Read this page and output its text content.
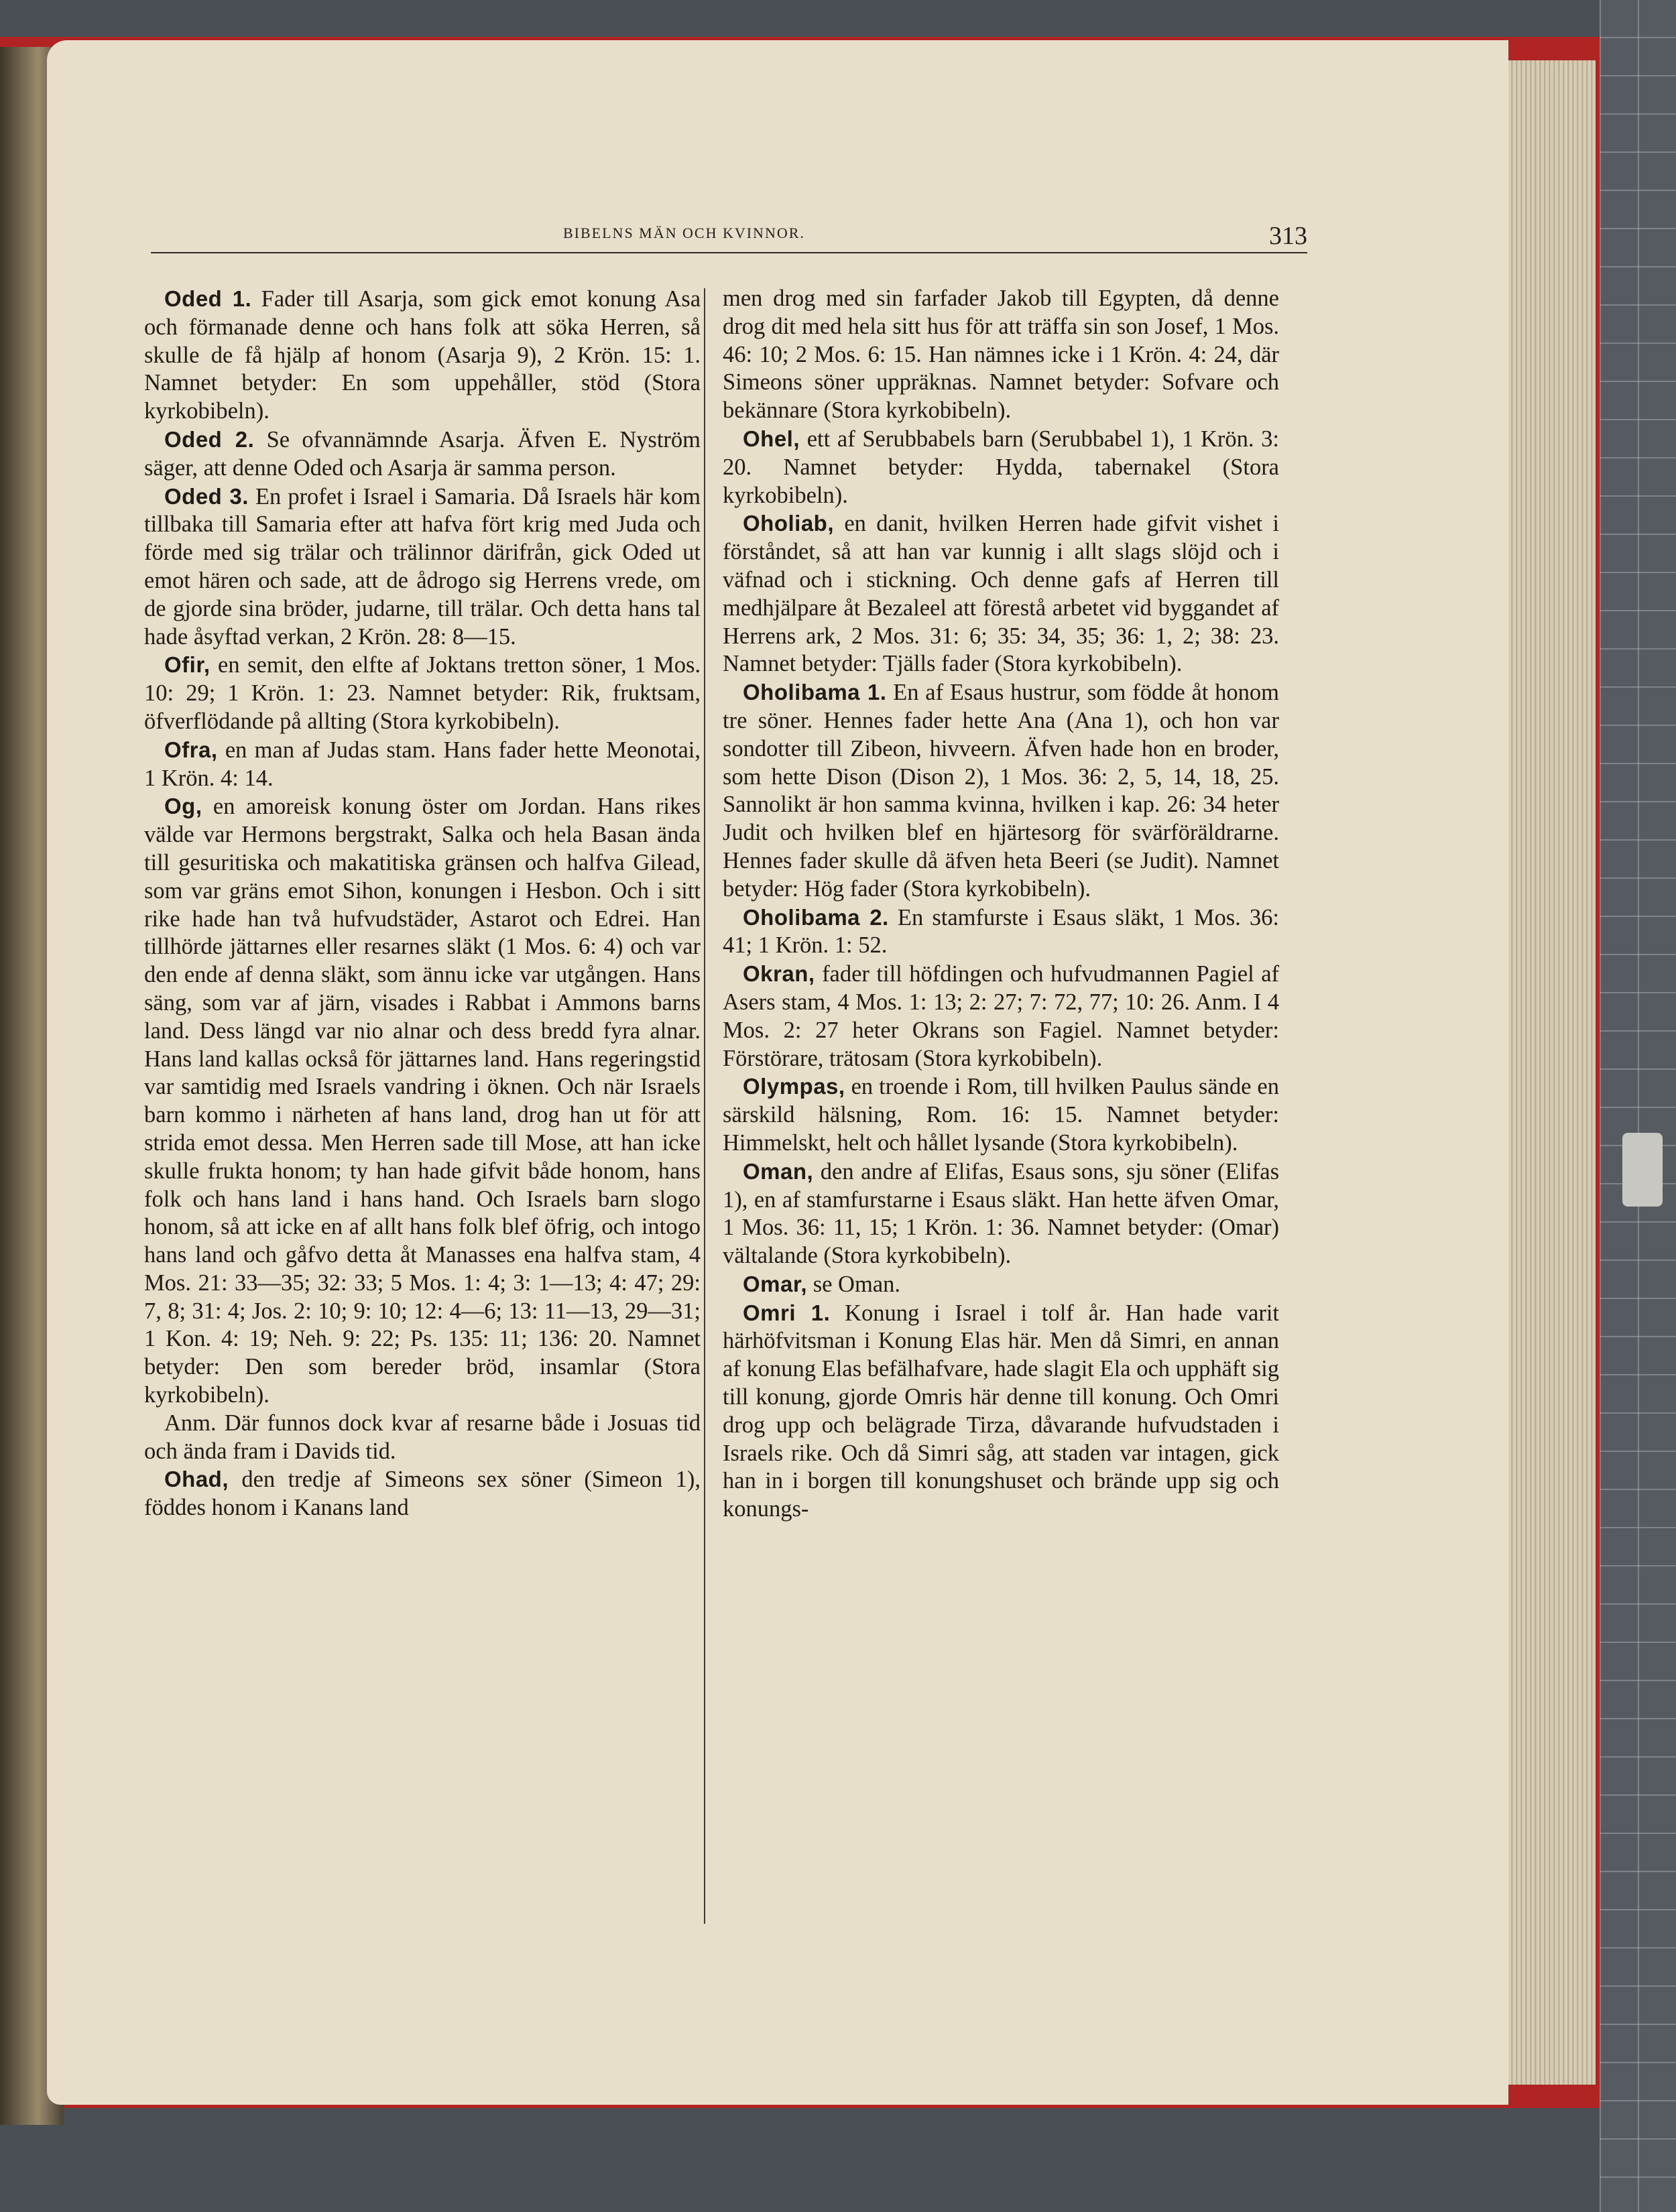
BIBELNS MÄN OCH KVINNOR.	313

Oded 1. Fader till Asarja, som gick emot konung Asa och förmanade denne och hans folk att söka Herren, så skulle de få hjälp af honom (Asarja 9), 2 Krön. 15: 1. Namnet betyder: En som uppehåller, stöd (Stora kyrkobibeln).

Oded 2. Se ofvannämnde Asarja. Äfven E. Nyström säger, att denne Oded och Asarja är samma person.

Oded 3. En profet i Israel i Samaria. Då Israels här kom tillbaka till Samaria efter att hafva fört krig med Juda och förde med sig trälar och trälinnor därifrån, gick Oded ut emot hären och sade, att de ådrogo sig Herrens vrede, om de gjorde sina bröder, judarne, till trälar. Och detta hans tal hade åsyftad verkan, 2 Krön. 28: 8—15.

Ofir, en semit, den elfte af Joktans tretton söner, 1 Mos. 10: 29; 1 Krön. 1: 23. Namnet betyder: Rik, fruktsam, öfverflödande på allting (Stora kyrkobibeln).

Ofra, en man af Judas stam. Hans fader hette Meonotai, 1 Krön. 4: 14.

Og, en amoreisk konung öster om Jordan. Hans rikes välde var Hermons bergstrakt, Salka och hela Basan ända till gesuritiska och makatitiska gränsen och halfva Gilead, som var gräns emot Sihon, konungen i Hesbon. Och i sitt rike hade han två hufvudstäder, Astarot och Edrei. Han tillhörde jättarnes eller resarnes släkt (1 Mos. 6: 4) och var den ende af denna släkt, som ännu icke var utgången. Hans säng, som var af järn, visades i Rabbat i Ammons barns land. Dess längd var nio alnar och dess bredd fyra alnar. Hans land kallas också för jättarnes land. Hans regeringstid var samtidig med Israels vandring i öknen. Och när Israels barn kommo i närheten af hans land, drog han ut för att strida emot dessa. Men Herren sade till Mose, att han icke skulle frukta honom; ty han hade gifvit både honom, hans folk och hans land i hans hand. Och Israels barn slogo honom, så att icke en af allt hans folk blef öfrig, och intogo hans land och gåfvo detta åt Manasses ena halfva stam, 4 Mos. 21: 33—35; 32: 33; 5 Mos. 1: 4; 3: 1—13; 4: 47; 29: 7, 8; 31: 4; Jos. 2: 10; 9: 10; 12: 4—6; 13: 11—13, 29—31; 1 Kon. 4: 19; Neh. 9: 22; Ps. 135: 11; 136: 20. Namnet betyder: Den som bereder bröd, insamlar (Stora kyrkobibeln).

Anm. Där funnos dock kvar af resarne både i Josuas tid och ända fram i Davids tid.

Ohad, den tredje af Simeons sex söner (Simeon 1), föddes honom i Kanans land

men drog med sin farfader Jakob till Egypten, då denne drog dit med hela sitt hus för att träffa sin son Josef, 1 Mos. 46: 10; 2 Mos. 6: 15. Han nämnes icke i 1 Krön. 4: 24, där Simeons söner uppräknas. Namnet betyder: Sofvare och bekännare (Stora kyrkobibeln).

Ohel, ett af Serubbabels barn (Serubbabel 1), 1 Krön. 3: 20. Namnet betyder: Hydda, tabernakel (Stora kyrkobibeln).

Oholiab, en danit, hvilken Herren hade gifvit vishet i förståndet, så att han var kunnig i allt slags slöjd och i väfnad och i stickning. Och denne gafs af Herren till medhjälpare åt Bezaleel att förestå arbetet vid byggandet af Herrens ark, 2 Mos. 31: 6; 35: 34, 35; 36: 1, 2; 38: 23. Namnet betyder: Tjälls fader (Stora kyrkobibeln).

Oholibama 1. En af Esaus hustrur, som födde åt honom tre söner. Hennes fader hette Ana (Ana 1), och hon var sondotter till Zibeon, hivveern. Äfven hade hon en broder, som hette Dison (Dison 2), 1 Mos. 36: 2, 5, 14, 18, 25. Sannolikt är hon samma kvinna, hvilken i kap. 26: 34 heter Judit och hvilken blef en hjärtesorg för svärföräldrarne. Hennes fader skulle då äfven heta Beeri (se Judit). Namnet betyder: Hög fader (Stora kyrkobibeln).

Oholibama 2. En stamfurste i Esaus släkt, 1 Mos. 36: 41; 1 Krön. 1: 52.

Okran, fader till höfdingen och hufvudmannen Pagiel af Asers stam, 4 Mos. 1: 13; 2: 27; 7: 72, 77; 10: 26. Anm. I 4 Mos. 2: 27 heter Okrans son Fagiel. Namnet betyder: Förstörare, trätosam (Stora kyrkobibeln).

Olympas, en troende i Rom, till hvilken Paulus sände en särskild hälsning, Rom. 16: 15. Namnet betyder: Himmelskt, helt och hållet lysande (Stora kyrkobibeln).

Oman, den andre af Elifas, Esaus sons, sju söner (Elifas 1), en af stamfurstarne i Esaus släkt. Han hette äfven Omar, 1 Mos. 36: 11, 15; 1 Krön. 1: 36. Namnet betyder: (Omar) vältalande (Stora kyrkobibeln).

Omar, se Oman.

Omri 1. Konung i Israel i tolf år. Han hade varit härhöfvitsman i Konung Elas här. Men då Simri, en annan af konung Elas befälhafvare, hade slagit Ela och upphäft sig till konung, gjorde Omris här denne till konung. Och Omri drog upp och belägrade Tirza, dåvarande hufvudstaden i Israels rike. Och då Simri såg, att staden var intagen, gick han in i borgen till konungshuset och brände upp sig och konungs-
